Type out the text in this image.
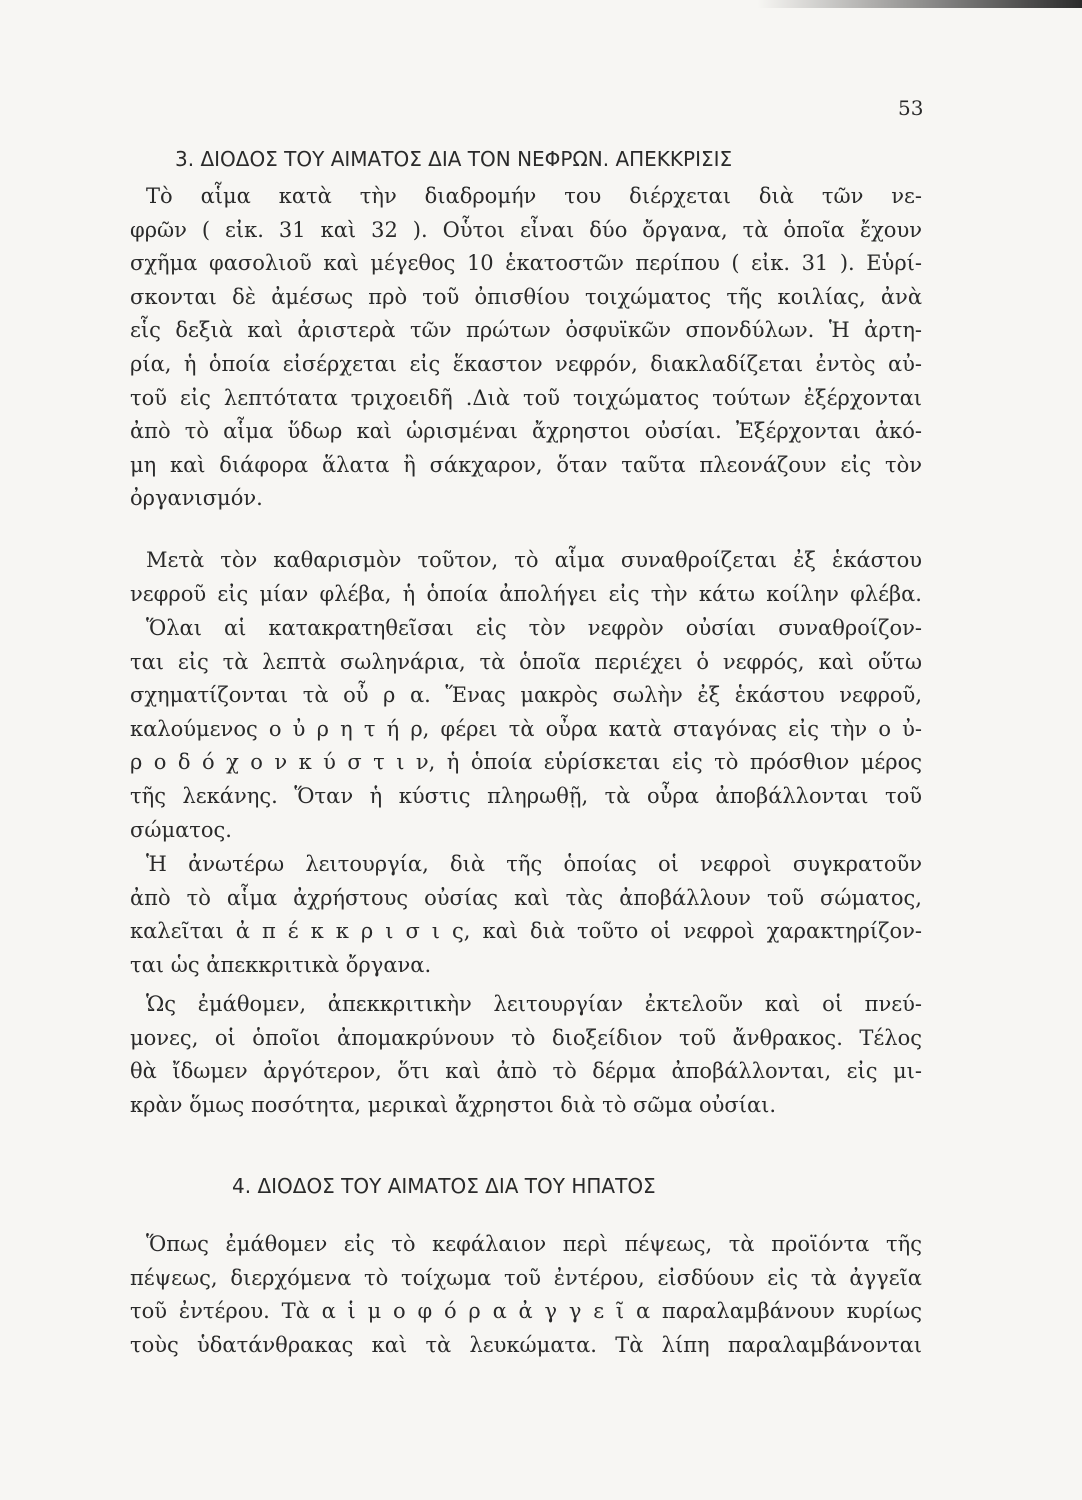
53
3. ΔΙΟΔΟΣ ΤΟΥ ΑΙΜΑΤΟΣ ΔΙΑ ΤΟΝ ΝΕΦΡΩΝ. ΑΠΕΚΚΡΙΣΙΣ
Τὸ αἷμα κατὰ τὴν διαδρομήν του διέρχεται διὰ τῶν νε-
φρῶν ( εἰκ. 31 καὶ 32 ). Οὗτοι εἶναι δύο ὄργανα, τὰ ὁποῖα ἔχουν
σχῆμα φασολιοῦ καὶ μέγεθος 10 ἑκατοστῶν περίπου ( εἰκ. 31 ). Εὑρί-
σκονται δὲ ἀμέσως πρὸ τοῦ ὀπισθίου τοιχώματος τῆς κοιλίας, ἀνὰ
εἷς δεξιὰ καὶ ἀριστερὰ τῶν πρώτων ὀσφυϊκῶν σπονδύλων. Ἡ ἀρτη-
ρία, ἡ ὁποία εἰσέρχεται εἰς ἕκαστον νεφρόν, διακλαδίζεται ἐντὸς αὐ-
τοῦ εἰς λεπτότατα τριχοειδῆ .Διὰ τοῦ τοιχώματος τούτων ἐξέρχονται
ἀπὸ τὸ αἷμα ὕδωρ καὶ ὡρισμέναι ἄχρηστοι οὐσίαι. Ἐξέρχονται ἀκό-
μη καὶ διάφορα ἅλατα ἢ σάκχαρον, ὅταν ταῦτα πλεονάζουν εἰς τὸν
ὀργανισμόν.
Μετὰ τὸν καθαρισμὸν τοῦτον, τὸ αἷμα συναθροίζεται ἐξ ἑκάστου
νεφροῦ εἰς μίαν φλέβα, ἡ ὁποία ἀπολήγει εἰς τὴν κάτω κοίλην φλέβα.
Ὅλαι αἱ κατακρατηθεῖσαι εἰς τὸν νεφρὸν οὐσίαι συναθροίζον-
ται εἰς τὰ λεπτὰ σωληνάρια, τὰ ὁποῖα περιέχει ὁ νεφρός, καὶ οὕτω
σχηματίζονται τὰ οὖ ρ α. Ἕνας μακρὸς σωλὴν ἐξ ἑκάστου νεφροῦ,
καλούμενος ο ὐ ρ η τ ή ρ, φέρει τὰ οὖρα κατὰ σταγόνας εἰς τὴν ο ὐ-
ρ ο δ ό χ ο ν κ ύ σ τ ι ν, ἡ ὁποία εὑρίσκεται εἰς τὸ πρόσθιον μέρος
τῆς λεκάνης. Ὅταν ἡ κύστις πληρωθῇ, τὰ οὖρα ἀποβάλλονται τοῦ
σώματος.
Ἡ ἀνωτέρω λειτουργία, διὰ τῆς ὁποίας οἱ νεφροὶ συγκρατοῦν
ἀπὸ τὸ αἷμα ἀχρήστους οὐσίας καὶ τὰς ἀποβάλλουν τοῦ σώματος,
καλεῖται ἀ π έ κ κ ρ ι σ ι ς, καὶ διὰ τοῦτο οἱ νεφροὶ χαρακτηρίζον-
ται ὡς ἀπεκκριτικὰ ὄργανα.
Ὡς ἐμάθομεν, ἀπεκκριτικὴν λειτουργίαν ἐκτελοῦν καὶ οἱ πνεύ-
μονες, οἱ ὁποῖοι ἀπομακρύνουν τὸ διοξείδιον τοῦ ἄνθρακος. Τέλος
θὰ ἴδωμεν ἀργότερον, ὅτι καὶ ἀπὸ τὸ δέρμα ἀποβάλλονται, εἰς μι-
κρὰν ὅμως ποσότητα, μερικαὶ ἄχρηστοι διὰ τὸ σῶμα οὐσίαι.
4. ΔΙΟΔΟΣ ΤΟΥ ΑΙΜΑΤΟΣ ΔΙΑ ΤΟΥ ΗΠΑΤΟΣ
Ὅπως ἐμάθομεν εἰς τὸ κεφάλαιον περὶ πέψεως, τὰ προϊόντα τῆς
πέψεως, διερχόμενα τὸ τοίχωμα τοῦ ἐντέρου, εἰσδύουν εἰς τὰ ἀγγεῖα
τοῦ ἐντέρου. Τὰ α ἱ μ ο φ ό ρ α ἀ γ γ ε ῖ α παραλαμβάνουν κυρίως
τοὺς ὑδατάνθρακας καὶ τὰ λευκώματα. Τὰ λίπη παραλαμβάνονται
